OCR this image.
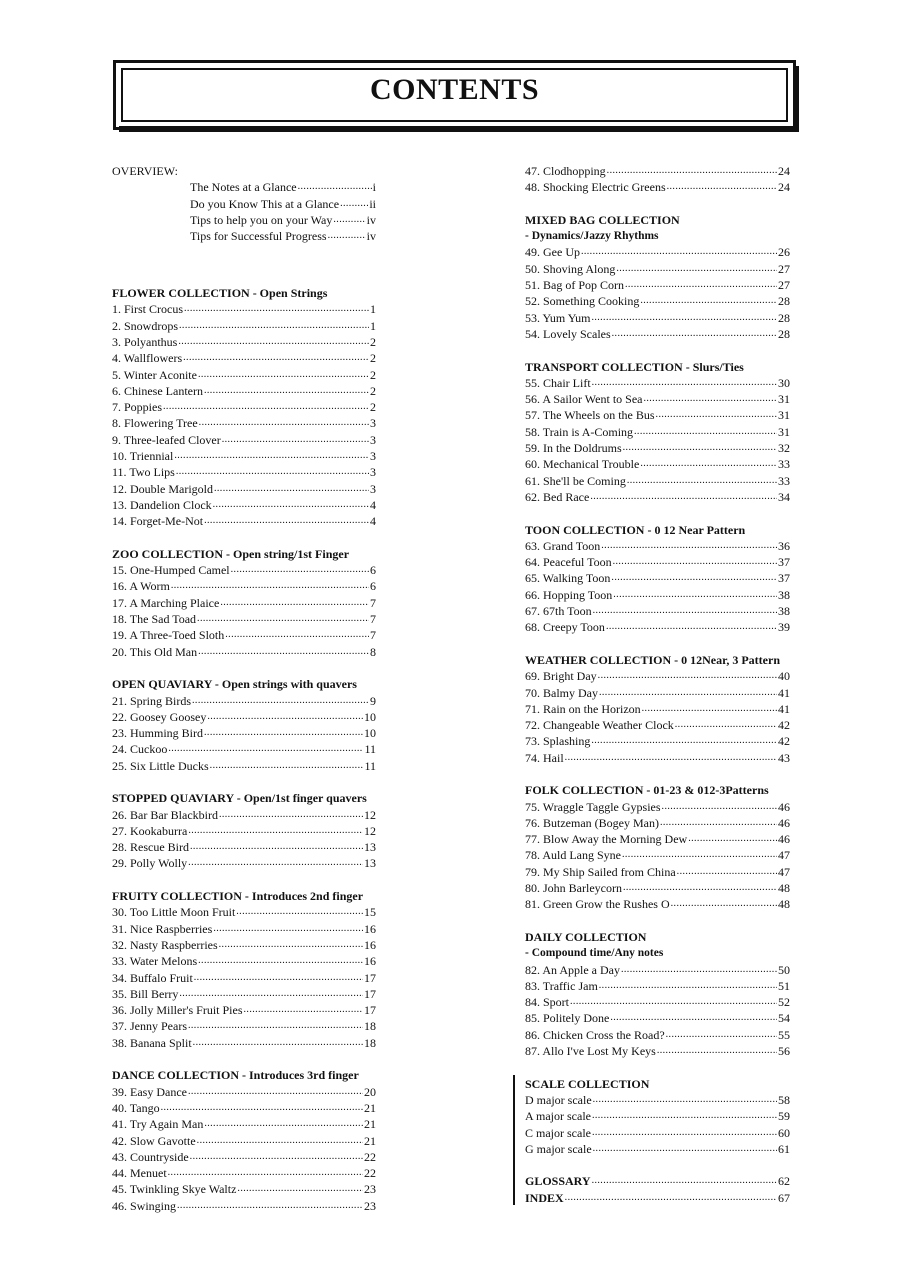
CONTENTS
OVERVIEW:
The Notes at a Glance .....	i
Do you Know This at a Glance .....	ii
Tips to help you on your Way .....	iv
Tips for Successful Progress .....	iv
FLOWER COLLECTION - Open Strings
1. First Crocus .....	1
2. Snowdrops .....	1
3. Polyanthus .....	2
4. Wallflowers .....	2
5. Winter Aconite .....	2
6. Chinese Lantern .....	2
7. Poppies .....	2
8. Flowering Tree .....	3
9. Three-leafed Clover .....	3
10. Triennial .....	3
11. Two Lips .....	3
12. Double Marigold .....	3
13. Dandelion Clock .....	4
14. Forget-Me-Not .....	4
ZOO COLLECTION - Open string/1st Finger
15. One-Humped Camel .....	6
16. A Worm .....	6
17. A Marching Plaice .....	7
18. The Sad Toad .....	7
19. A Three-Toed Sloth .....	7
20. This Old Man .....	8
OPEN QUAVIARY - Open strings with quavers
21. Spring Birds .....	9
22. Goosey Goosey .....	10
23. Humming Bird .....	10
24. Cuckoo .....	11
25. Six Little Ducks .....	11
STOPPED QUAVIARY - Open/1st finger quavers
26. Bar Bar Blackbird .....	12
27. Kookaburra .....	12
28. Rescue Bird .....	13
29. Polly Wolly .....	13
FRUITY COLLECTION - Introduces 2nd finger
30. Too Little Moon Fruit .....	15
31. Nice Raspberries .....	16
32. Nasty Raspberries .....	16
33. Water Melons .....	16
34. Buffalo Fruit .....	17
35. Bill Berry .....	17
36. Jolly Miller's Fruit Pies .....	17
37. Jenny Pears .....	18
38. Banana Split .....	18
DANCE COLLECTION - Introduces 3rd finger
39. Easy Dance .....	20
40. Tango .....	21
41. Try Again Man .....	21
42. Slow Gavotte .....	21
43. Countryside .....	22
44. Menuet .....	22
45. Twinkling Skye Waltz .....	23
46. Swinging .....	23
47. Clodhopping .....	24
48. Shocking Electric Greens .....	24
MIXED BAG COLLECTION
- Dynamics/Jazzy Rhythms
49. Gee Up .....	26
50. Shoving Along .....	27
51. Bag of Pop Corn .....	27
52. Something Cooking .....	28
53. Yum Yum .....	28
54. Lovely Scales .....	28
TRANSPORT COLLECTION - Slurs/Ties
55. Chair Lift .....	30
56. A Sailor Went to Sea .....	31
57. The Wheels on the Bus .....	31
58. Train is A-Coming .....	31
59. In the Doldrums .....	32
60. Mechanical Trouble .....	33
61. She'll be Coming .....	33
62. Bed Race .....	34
TOON COLLECTION - 0 12 Near Pattern
63. Grand Toon .....	36
64. Peaceful Toon .....	37
65. Walking Toon .....	37
66. Hopping Toon .....	38
67. 67th Toon .....	38
68. Creepy Toon .....	39
WEATHER COLLECTION - 0 12Near, 3 Pattern
69. Bright Day .....	40
70. Balmy Day .....	41
71. Rain on the Horizon .....	41
72. Changeable Weather Clock .....	42
73. Splashing .....	42
74. Hail .....	43
FOLK COLLECTION - 01-23 & 012-3Patterns
75. Wraggle Taggle Gypsies .....	46
76. Butzeman (Bogey Man) .....	46
77. Blow Away the Morning Dew .....	46
78. Auld Lang Syne .....	47
79. My Ship Sailed from China .....	47
80. John Barleycorn .....	48
81. Green Grow the Rushes O .....	48
DAILY COLLECTION
- Compound time/Any notes
82. An Apple a Day .....	50
83. Traffic Jam .....	51
84. Sport .....	52
85. Politely Done .....	54
86. Chicken Cross the Road? .....	55
87. Allo I've Lost My Keys .....	56
SCALE COLLECTION
D major scale .....	58
A major scale .....	59
C major scale .....	60
G major scale .....	61
GLOSSARY .....	62
INDEX .....	67
